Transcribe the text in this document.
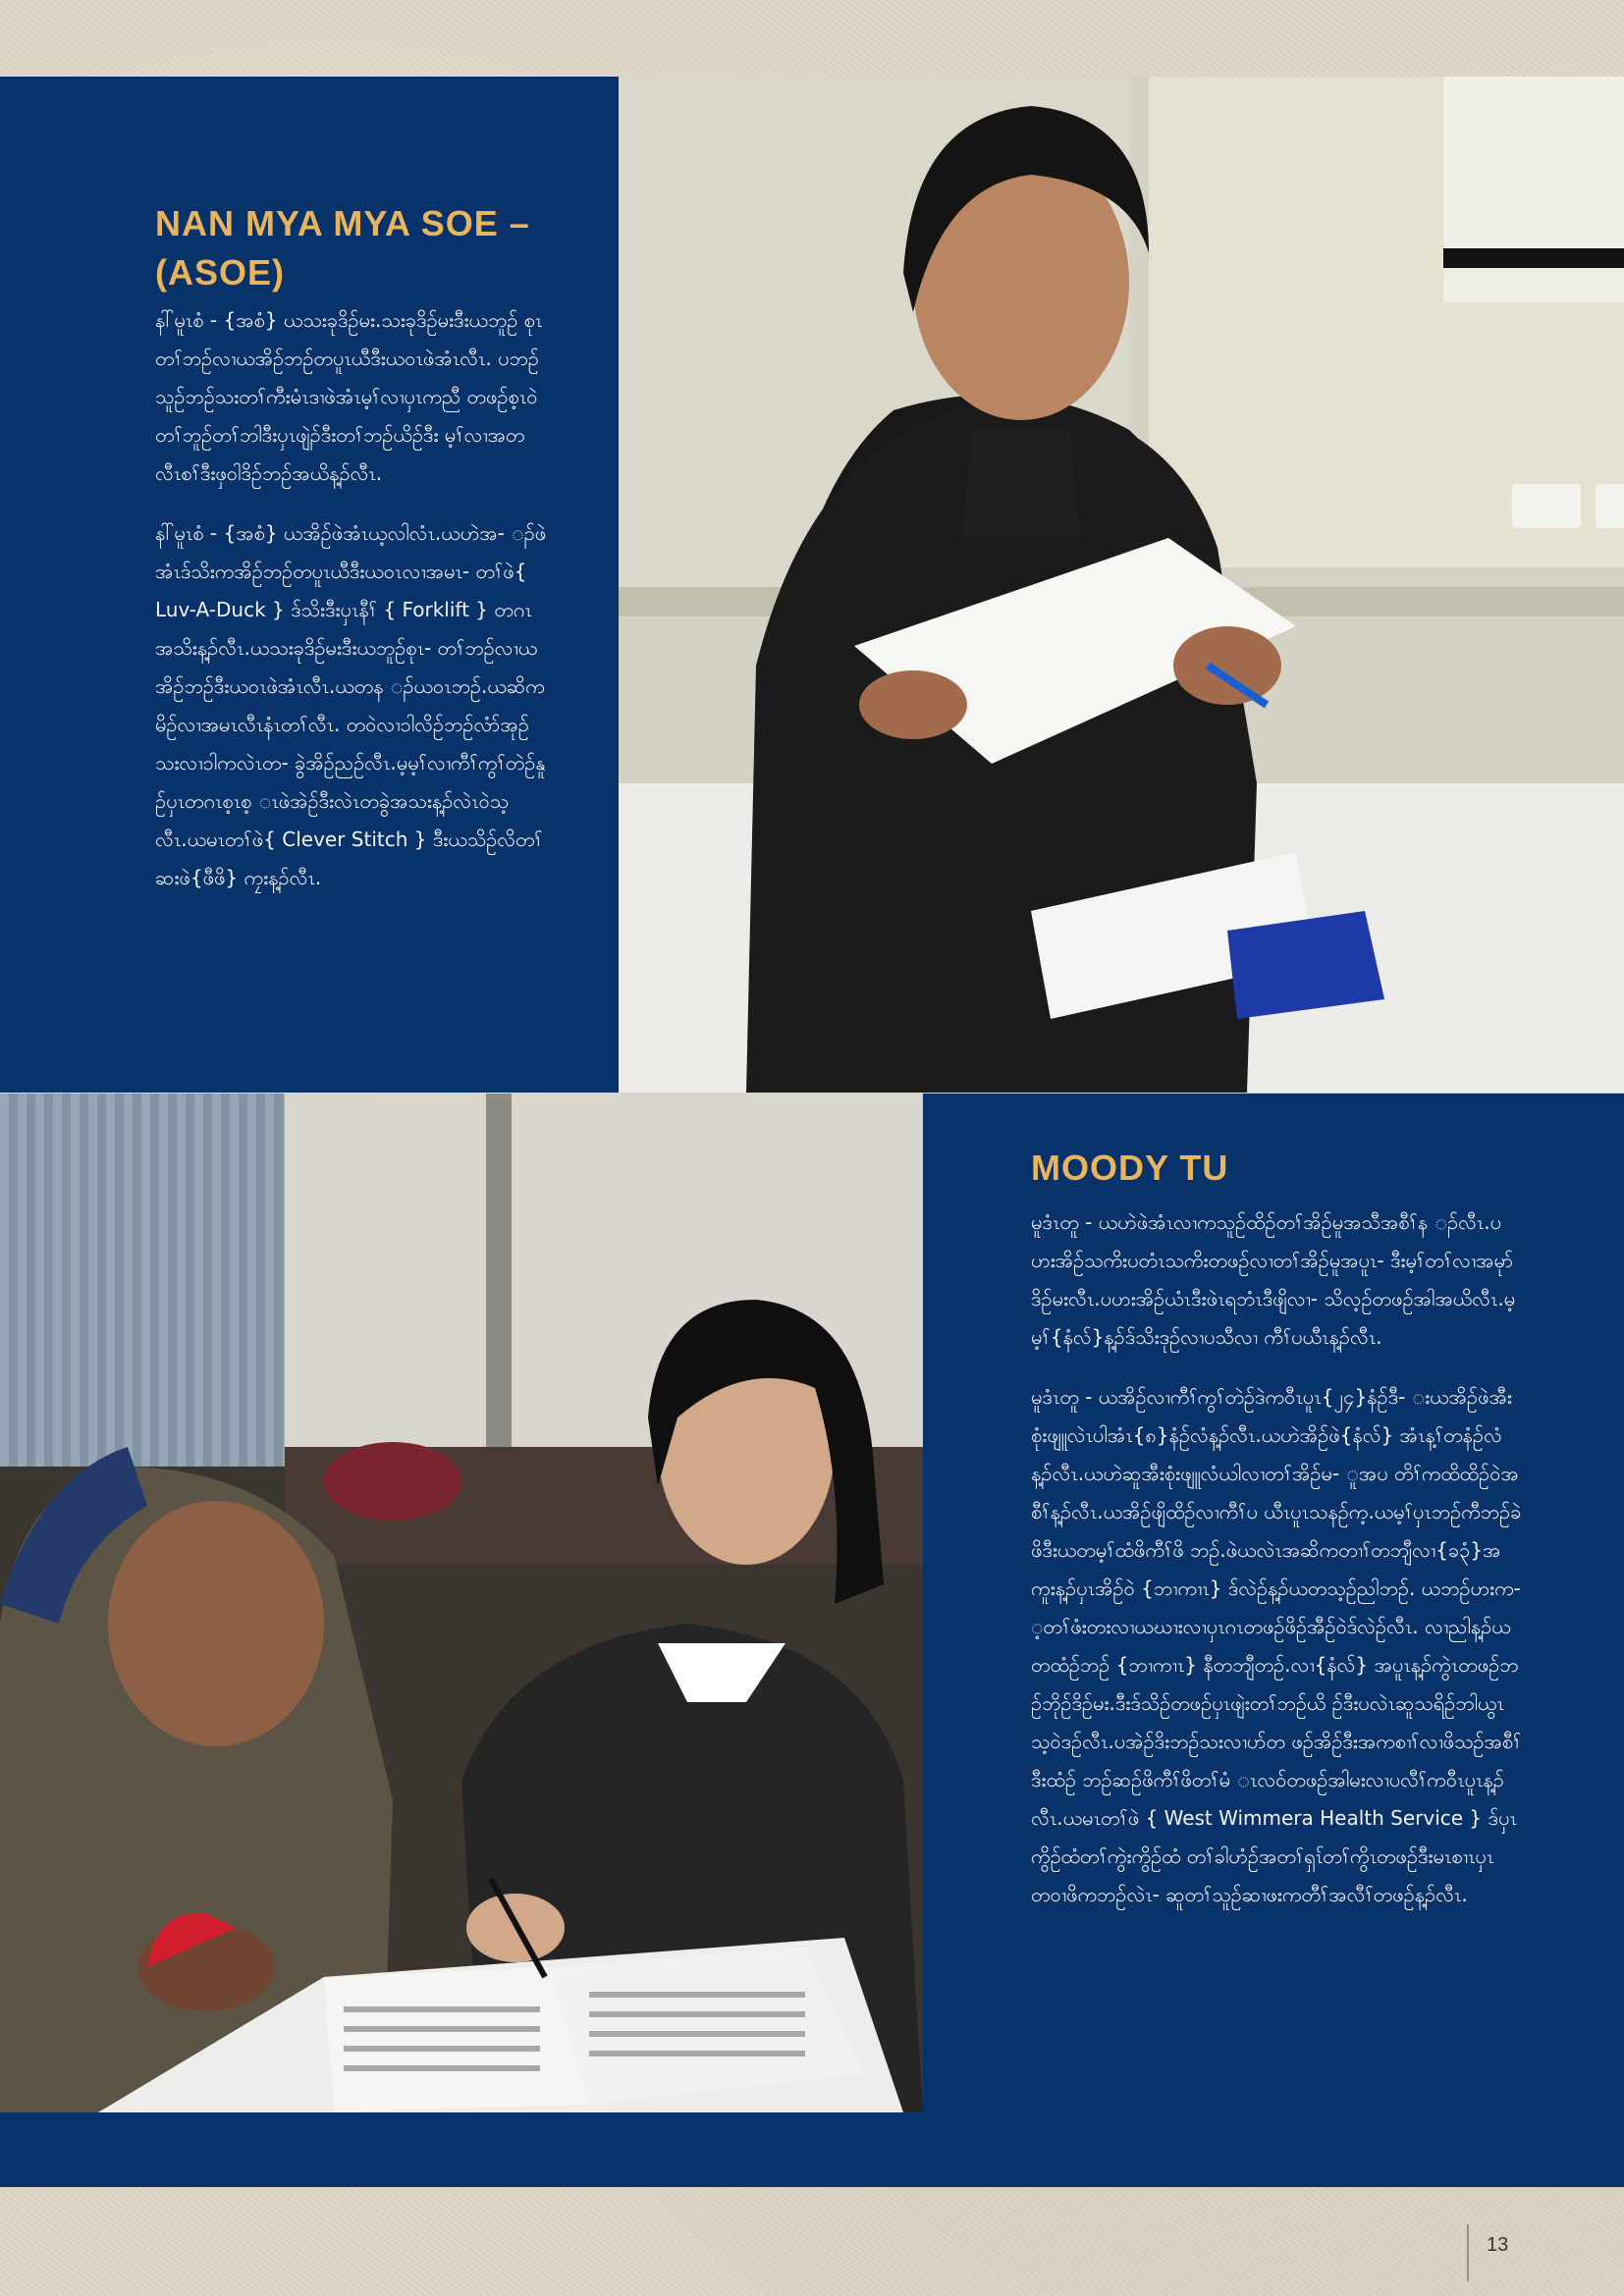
NAN MYA MYA SOE –
(ASOE)

နါ်မူၤစံ - {အစံ} ယသးခုဒိဉ်မး.သးခုဒိဉ်မးဒီးယဘူဉ် စုၤတၢ်ဘဉ်လၢယအိဉ်ဘဉ်တပူၤယီဒီးယ၀ၤဖဲအံၤလီၤ. ပဘဉ်သူဉ်ဘဉ်သးတၢ်ကီးမံၤဒၢဖဲအံၤမ့ၢ်လၢပှၤကညီ တဖဉ်စ့ၤ၀ဲတၢ်ဘူဉ်တၢ်ဘါဒီးပှၤဖျဲၣ်ဒီးတၢ်ဘဉ်ယိဉ်ဒီး မ့ၢ်လၢအတလီၤစၢ်ဒီးဖှ၀ါဒိဉ်ဘဉ်အယိန့ၣ်လီၤ.

နါ်မူၤစံ - {အစံ} ယအိဉ်ဖဲအံၤယ့လါလံၤ.ယဟဲအ- ၣ်ဖဲအံၤဒ်သိးကအိဉ်ဘဉ်တပူၤယီဒီးယ၀ၤလၢအမၤ- တၢ်ဖဲ{ Luv-A-Duck } ဒ်သိးဒီးပှၤနီၢ် { Forklift } တဂၤအသိးန့ၣ်လီၤ.ယသးခုဒိဉ်မးဒီးယဘူဉ်စုၤ- တၢ်ဘဉ်လၢယအိဉ်ဘဉ်ဒီးယ၀ၤဖဲအံၤလီၤ.ယတန ၣ်ယ၀ၤဘဉ်.ယဆိကမိဉ်လၢအမၤလီၤနံၤတၢ်လီၤ. တ၀ဲလၢ၁ါလိဉ်ဘဉ်လံာ်အုဉ်သးလၢ၁ါကလဲၤတ- ခွဲအိဉ်ညဉ်လီၤ.မ့မ့ၢ်လၢကီၢ်ကွၢ်တဲဉ်နူဉ်ပှၤတဂၤစ့ၤစ့ ၤဖဲအဲဉ်ဒီးလဲၤတခွဲအသးန့ၣ်လဲၤ၀ဲသ့လီၤ.ယမၤတၢ်ဖဲ{ Clever Stitch } ဒီးယသိဉ်လိတၢ်ဆးဖဲ{ဖီဖိ} ကၠးန့ၣ်လီၤ.

MOODY TU

မူဒံၤတူ - ယဟဲဖဲအံၤလၢကသူဉ်ထိဉ်တၢ်အိဉ်မူအသီအစီၢ်န ၣ်လီၤ.ပဟးအိဉ်သကိးပတံၤသကိးတဖဉ်လၢတၢ်အိဉ်မူအပူၤ- ဒီးမ့ၢ်တၢ်လၢအမုာ်ဒိဉ်မးလီၤ.ပဟးအိဉ်ယံၤဒီးဖဲၤရဘံၤဒီဖျိလၢ- သိလ့ဉ်တဖဉ်အါအယိလီၤ.မ့မ့ၢ်{နံလ်}န့ၣ်ဒ်သိးဒုဉ်လၢပသီလၢ ကီၢ်ပယီၤန့ၣ်လီၤ.

မူဒံၤတူ - ယအိဉ်လၢကီၢ်ကွၢ်တဲဉ်ဒဲကဝီၤပူၤ{၂၄}နံဉ်ဒီ- းယအိဉ်ဖဲအီးစုံးဖျူလဲၤပါအံၤ{၈}နံဉ်လံန့ၣ်လီၤ.ယဟဲအိဉ်ဖဲ{နံလ်} အံၤန့ၢ်တနံဉ်လံန့ၣ်လီၤ.ယဟဲဆူအီးစုံးဖျူလံယါလၢတၢ်အိဉ်မ- ူအပ တိၢ်ကထိထိဉ်၀ဲအစီၢ်န့ၣ်လီၤ.ယအိဉ်ဖျိထိဉ်လၢကီၢ်ပ ယီၤပူၤသနဉ်က့.ယမ့ၢ်ပှၤဘဉ်ကီဘဉ်ခဲဖိဒီးယတမ့ၢ်ထံဖိကီၢ်ဖိ ဘဉ်.ဖဲယလဲၤအဆိကတၢၢ်တဘျီလၢ{ခ၃ံ}အကူးန့ၣ်ပှၤအိဉ်၀ဲ {ဘၢကၢၤ} ဒ်လဲဉ်န့ၣ်ယတသ့ဉ်ညါဘဉ်. ယဘဉ်ဟးက- ့တၢ်ဖံးတးလၢယဃၢးလၢပှၤဂၤတဖဉ်ဖိဉ်အီဉ်၀ဲဒ်လဲဉ်လီၤ. လၢညါန့ၣ်ယတထံဉ်ဘဉ် {ဘၢကၢၤ} နီတဘျီတဉ်.လၢ{နံလ်} အပူၤန့ၣ်ကွဲၤတဖဉ်ဘဉ်ဘိုဉ်ဒိဉ်မး.ဒီးဒ်သိဉ်တဖဉ်ပှၤဖျဲးတၢ်ဘဉ်ယိ ဉ်ဒီးပလဲၤဆူသရိဉ်ဘါယွၤသ့၀ဲဒဉ်လီၤ.ပအဲဉ်ဒိးဘဉ်သးလၢပာ်တ ဖဉ်အိဉ်ဒီးအကစၢၢ်လၢဖိသဉ်အစီၢ်ဒီးထံဉ် ဘဉ်ဆဉ်ဖိကီၢ်ဖိတၢ်မံ ၤလ၀်တဖဉ်အါမးလၢပလီၢ်ကဝီၤပူၤန့ၣ်လီၤ.ယမၤတၢ်ဖဲ { West Wimmera Health Service } ဒ်ပှၤကွိဉ်ထံတၢ်ကွဲးကွိဉ်ထံ တၢ်ခါဟံဉ်အတၢ်ရှၤ်တၢ်ကွိၤတဖဉ်ဒီးမၤစၢၤပှၤတ၀ၢဖိကဘဉ်လဲၤ- ဆူတၢ်သူဉ်ဆၢဖးကတီၢ်အလီၢ်တဖဉ်န့ၣ်လီၤ.

13
